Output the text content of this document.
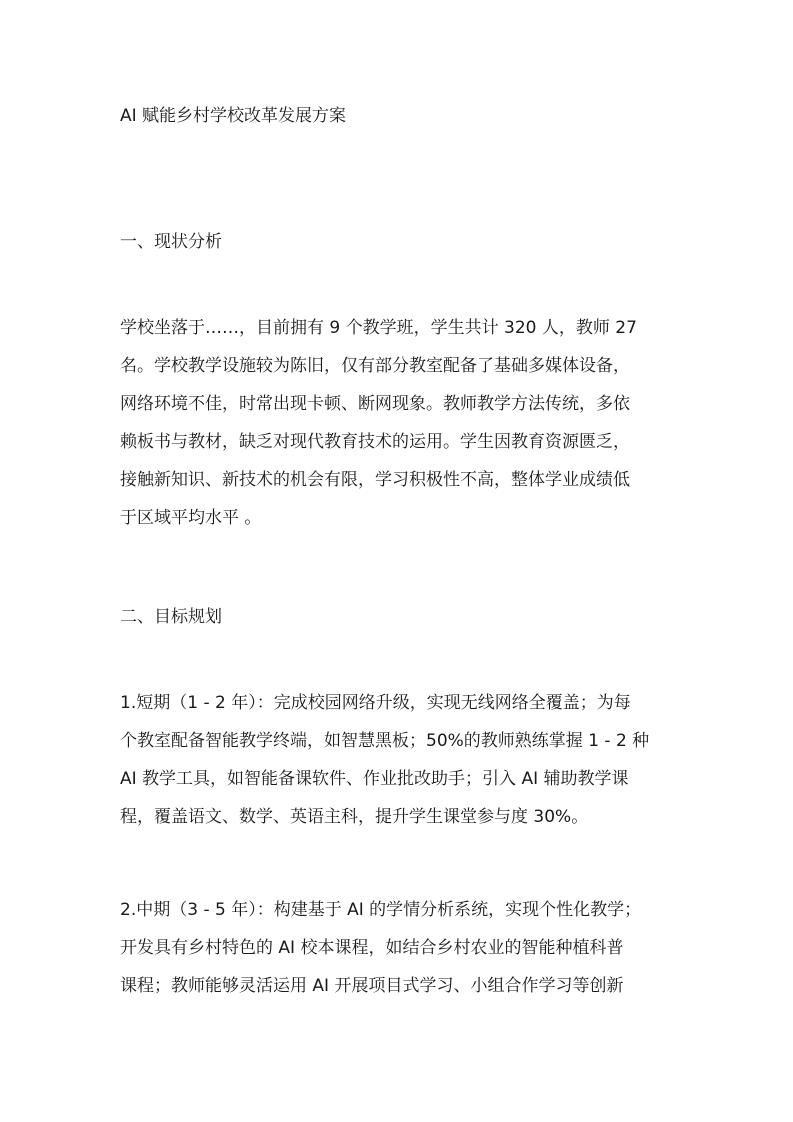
AI 赋能乡村学校改革发展方案
一、现状分析
学校坐落于……，目前拥有 9 个教学班，学生共计 320 人，教师 27
名。学校教学设施较为陈旧，仅有部分教室配备了基础多媒体设备，
网络环境不佳，时常出现卡顿、断网现象。教师教学方法传统，多依
赖板书与教材，缺乏对现代教育技术的运用。学生因教育资源匮乏，
接触新知识、新技术的机会有限，学习积极性不高，整体学业成绩低
于区域平均水平 。
二、目标规划
1.短期（1 - 2 年）：完成校园网络升级，实现无线网络全覆盖；为每
个教室配备智能教学终端，如智慧黑板；50%的教师熟练掌握 1 - 2 种
AI 教学工具，如智能备课软件、作业批改助手；引入 AI 辅助教学课
程，覆盖语文、数学、英语主科，提升学生课堂参与度 30%。
2.中期（3 - 5 年）：构建基于 AI 的学情分析系统，实现个性化教学；
开发具有乡村特色的 AI 校本课程，如结合乡村农业的智能种植科普
课程；教师能够灵活运用 AI 开展项目式学习、小组合作学习等创新
